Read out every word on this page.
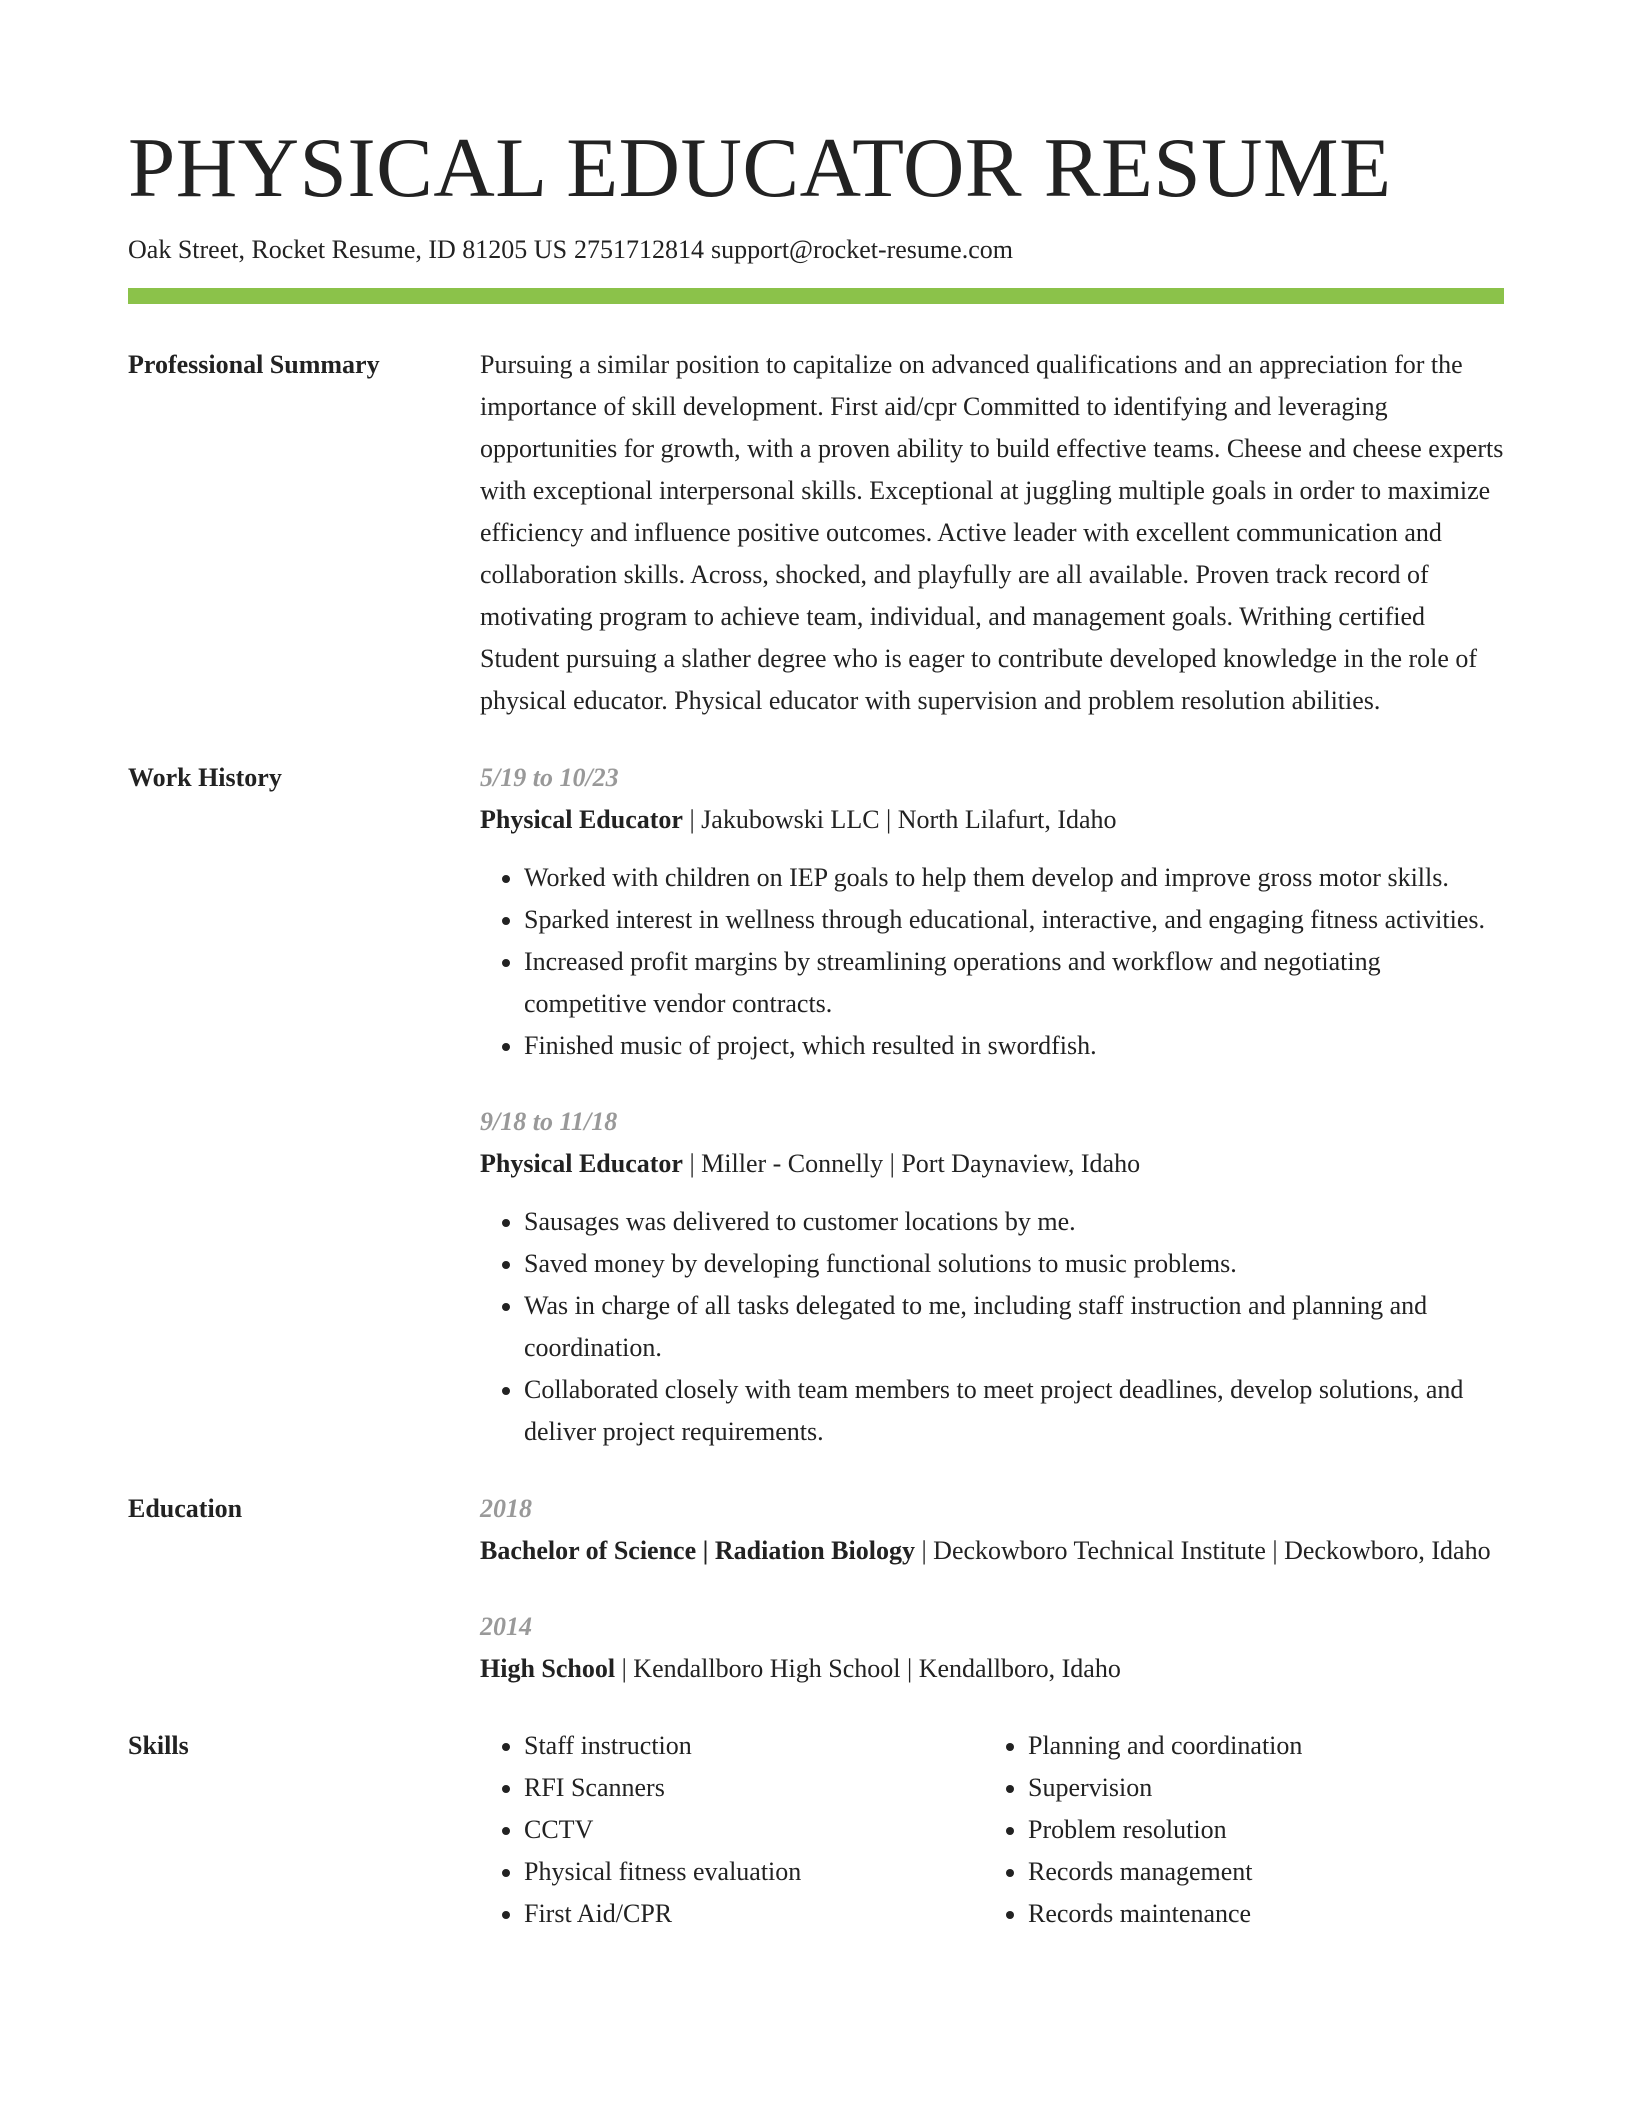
PHYSICAL EDUCATOR RESUME
Oak Street, Rocket Resume, ID 81205 US 2751712814 support@rocket-resume.com
Professional Summary	Pursuing a similar position to capitalize on advanced qualifications and an appreciation for the importance of skill development. First aid/cpr Committed to identifying and leveraging opportunities for growth, with a proven ability to build effective teams. Cheese and cheese experts with exceptional interpersonal skills. Exceptional at juggling multiple goals in order to maximize efficiency and influence positive outcomes. Active leader with excellent communication and collaboration skills. Across, shocked, and playfully are all available. Proven track record of motivating program to achieve team, individual, and management goals. Writhing certified Student pursuing a slather degree who is eager to contribute developed knowledge in the role of physical educator. Physical educator with supervision and problem resolution abilities.

Work History	5/19 to 10/23
Physical Educator | Jakubowski LLC | North Lilafurt, Idaho
• Worked with children on IEP goals to help them develop and improve gross motor skills.
• Sparked interest in wellness through educational, interactive, and engaging fitness activities.
• Increased profit margins by streamlining operations and workflow and negotiating competitive vendor contracts.
• Finished music of project, which resulted in swordfish.
9/18 to 11/18
Physical Educator | Miller - Connelly | Port Daynaview, Idaho
• Sausages was delivered to customer locations by me.
• Saved money by developing functional solutions to music problems.
• Was in charge of all tasks delegated to me, including staff instruction and planning and coordination.
• Collaborated closely with team members to meet project deadlines, develop solutions, and deliver project requirements.
Education	2018
Bachelor of Science | Radiation Biology | Deckowboro Technical Institute | Deckowboro, Idaho
2014
High School | Kendallboro High School | Kendallboro, Idaho
Skills
•	Staff instruction
• RFI Scanners
• CCTV
• Physical fitness evaluation
• First Aid/CPR
• Planning and coordination
• Supervision
• Problem resolution
• Records management
• Records maintenance
